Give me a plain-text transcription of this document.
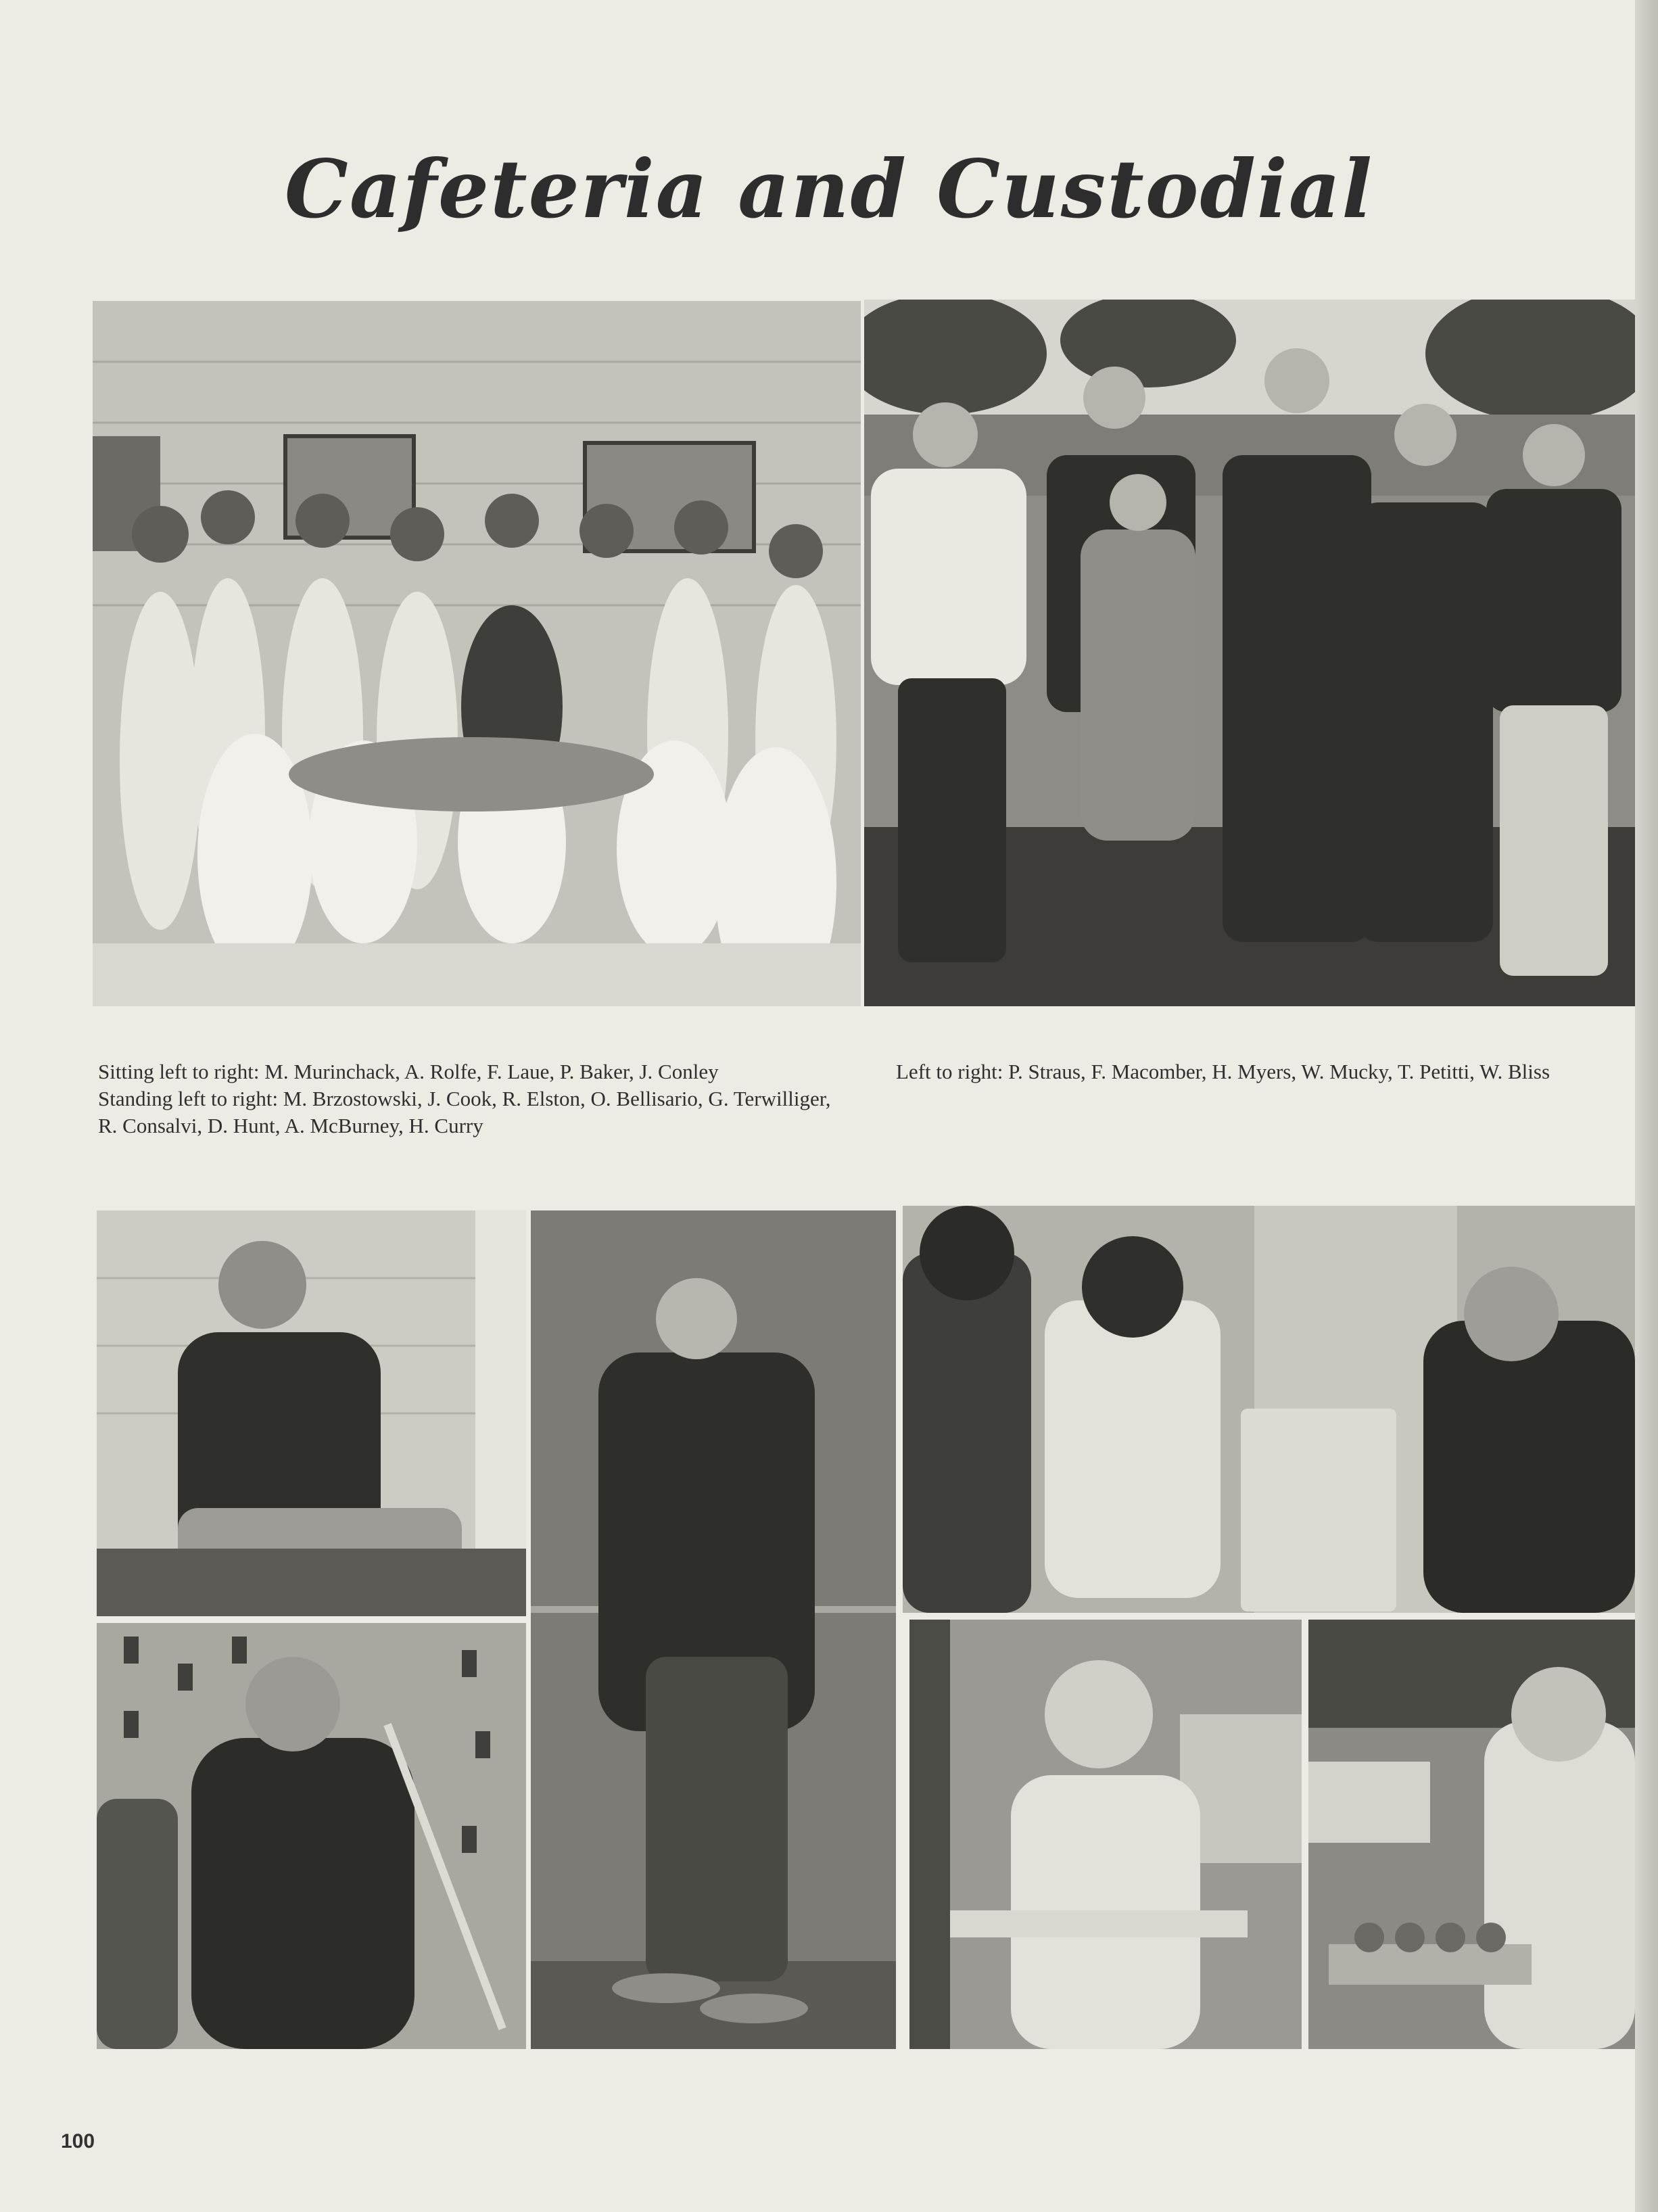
Cafeteria and Custodial
Sitting left to right: M. Murinchack, A. Rolfe, F. Laue, P. Baker, J. Conley
Standing left to right: M. Brzostowski, J. Cook, R. Elston, O. Bellisario, G. Terwilliger, R. Consalvi, D. Hunt, A. McBurney, H. Curry
Left to right: P. Straus, F. Macomber, H. Myers, W. Mucky, T. Petitti, W. Bliss
100
